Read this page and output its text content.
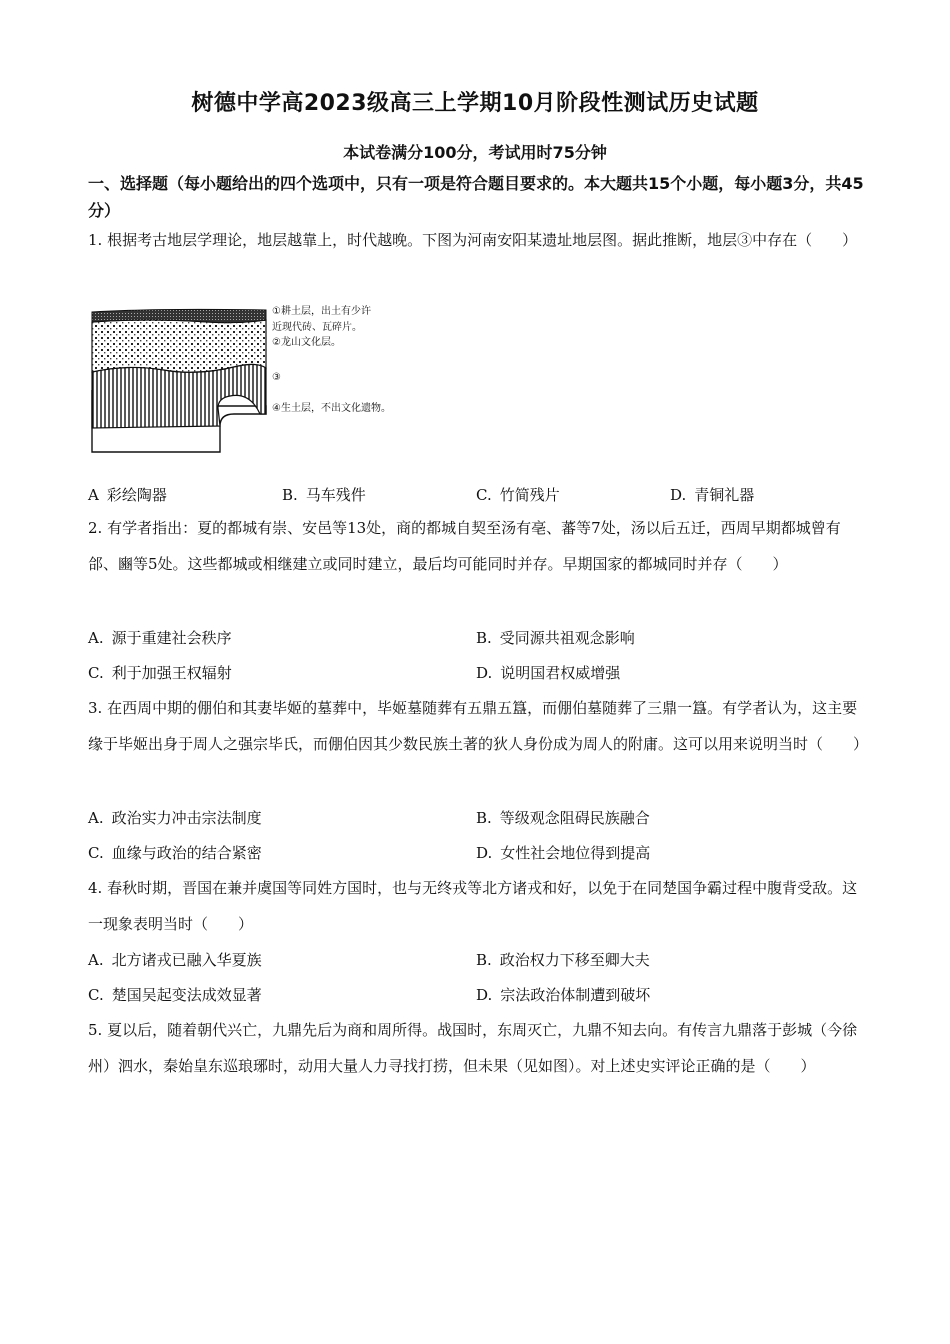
树德中学高2023级高三上学期10月阶段性测试历史试题
本试卷满分100分，考试用时75分钟
一、选择题（每小题给出的四个选项中，只有一项是符合题目要求的。本大题共15个小题，每小题3分，共45分）
1. 根据考古地层学理论，地层越靠上，时代越晚。下图为河南安阳某遗址地层图。据此推断，地层③中存在（　　）
①耕土层，出土有少许
近现代砖、瓦碎片。
②龙山文化层。
③
④生土层，不出文化遗物。
A 彩绘陶器	B. 马车残件	C. 竹简残片	D. 青铜礼器
2. 有学者指出：夏的都城有崇、安邑等13处，商的都城自契至汤有亳、蕃等7处，汤以后五迁，西周早期都城曾有郃、豳等5处。这些都城或相继建立或同时建立，最后均可能同时并存。早期国家的都城同时并存（　　）
A. 源于重建社会秩序	B. 受同源共祖观念影响
C. 利于加强王权辐射	D. 说明国君权威增强
3. 在西周中期的倗伯和其妻毕姬的墓葬中，毕姬墓随葬有五鼎五簋，而倗伯墓随葬了三鼎一簋。有学者认为，这主要缘于毕姬出身于周人之强宗毕氏，而倗伯因其少数民族土著的狄人身份成为周人的附庸。这可以用来说明当时（　　）
A. 政治实力冲击宗法制度	B. 等级观念阻碍民族融合
C. 血缘与政治的结合紧密	D. 女性社会地位得到提高
4. 春秋时期，晋国在兼并虞国等同姓方国时，也与无终戎等北方诸戎和好，以免于在同楚国争霸过程中腹背受敌。这一现象表明当时（　　）
A. 北方诸戎已融入华夏族	B. 政治权力下移至卿大夫
C. 楚国吴起变法成效显著	D. 宗法政治体制遭到破坏
5. 夏以后，随着朝代兴亡，九鼎先后为商和周所得。战国时，东周灭亡，九鼎不知去向。有传言九鼎落于彭城（今徐州）泗水，秦始皇东巡琅琊时，动用大量人力寻找打捞，但未果（见如图）。对上述史实评论正确的是（　　）
